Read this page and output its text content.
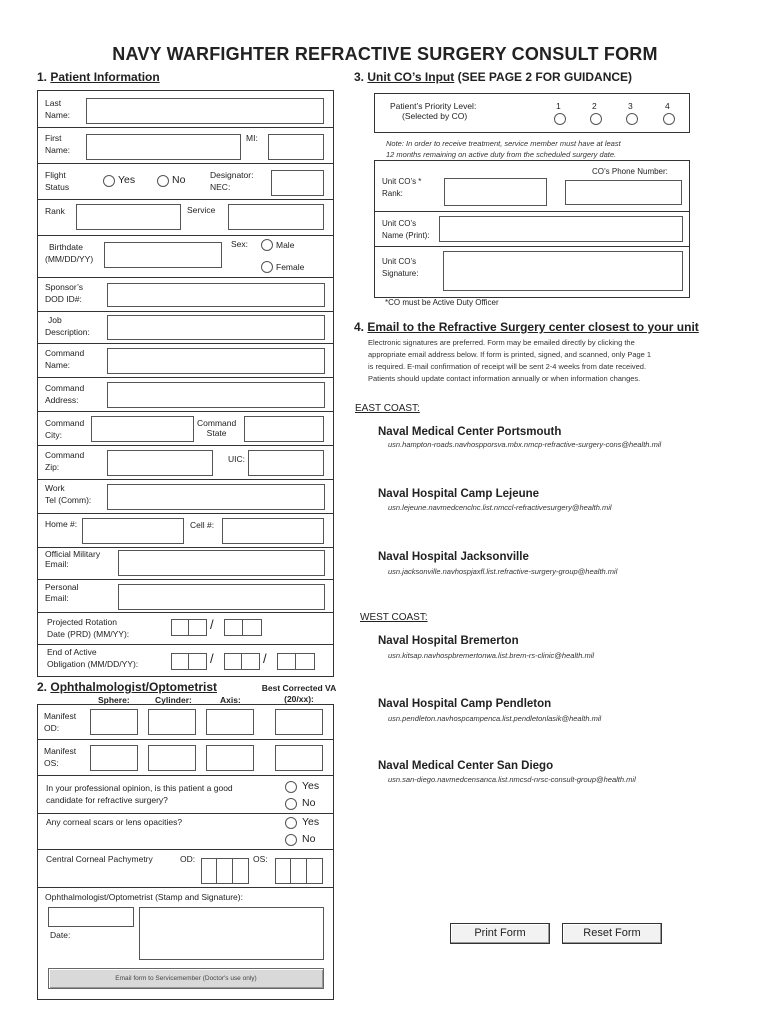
NAVY WARFIGHTER REFRACTIVE SURGERY CONSULT FORM
1. Patient Information
Last
Name:
First
Name:
MI:
Flight
Status
Yes	No	Designator:
NEC:
Rank	Service
Birthdate
(MM/DD/YY)
Sex:	Male
Female
Sponsor’s
DOD ID#:
Job
Description:
Command
Name:
Command
Address:
Command
City:
Command
State
Command
Zip:
UIC:
Work
Tel (Comm):
Home #:	Cell #:
Official Military
Email:
Personal
Email:
Projected Rotation
Date (PRD) (MM/YY):
/
End of Active
Obligation (MM/DD/YY):	/	/
2. Ophthalmologist/Optometrist	Best Corrected VA
(20/xx):
Sphere:	Cylinder:	Axis:
Manifest
OD:
Manifest
OS:
In your professional opinion, is this patient a good
candidate for refractive surgery?
Yes
No
Any corneal scars or lens opacities?	Yes
No
Central Corneal Pachymetry	OD:	OS:
Ophthalmologist/Optometrist (Stamp and Signature):
Date:
Email form to Servicemember (Doctor's use only)
3. Unit CO’s Input (SEE PAGE 2 FOR GUIDANCE)
Patient’s Priority Level:
(Selected by CO)
1	2	3	4
Note: In order to receive treatment, service member must have at least
12 months remaining on active duty from the scheduled surgery date.
CO’s Phone Number:
Unit CO’s *
Rank:
Unit CO’s
Name (Print):
Unit CO’s
Signature:
*CO must be Active Duty Officer
4. Email to the Refractive Surgery center closest to your unit
Electronic signatures are preferred. Form may be emailed directly by clicking the
appropriate email address below. If form is printed, signed, and scanned, only Page 1
is required. E-mail confirmation of receipt will be sent 2-4 weeks from date received.
Patients should update contact information annually or when information changes.
EAST COAST:
Naval Medical Center Portsmouth
usn.hampton-roads.navhospporsva.mbx.nmcp-refractive-surgery-cons@health.mil
Naval Hospital Camp Lejeune
usn.lejeune.navmedcenclnc.list.nmccl-refractivesurgery@health.mil
Naval Hospital Jacksonville
usn.jacksonville.navhospjaxfl.list.refractive-surgery-group@health.mil
WEST COAST:
Naval Hospital Bremerton
usn.kitsap.navhospbremertonwa.list.brem-rs-clinic@health.mil
Naval Hospital Camp Pendleton
usn.pendleton.navhospcampenca.list.pendletonlasik@health.mil
Naval Medical Center San Diego
usn.san-diego.navmedcensanca.list.nmcsd-nrsc-consult-group@health.mil
Print Form	Reset Form
